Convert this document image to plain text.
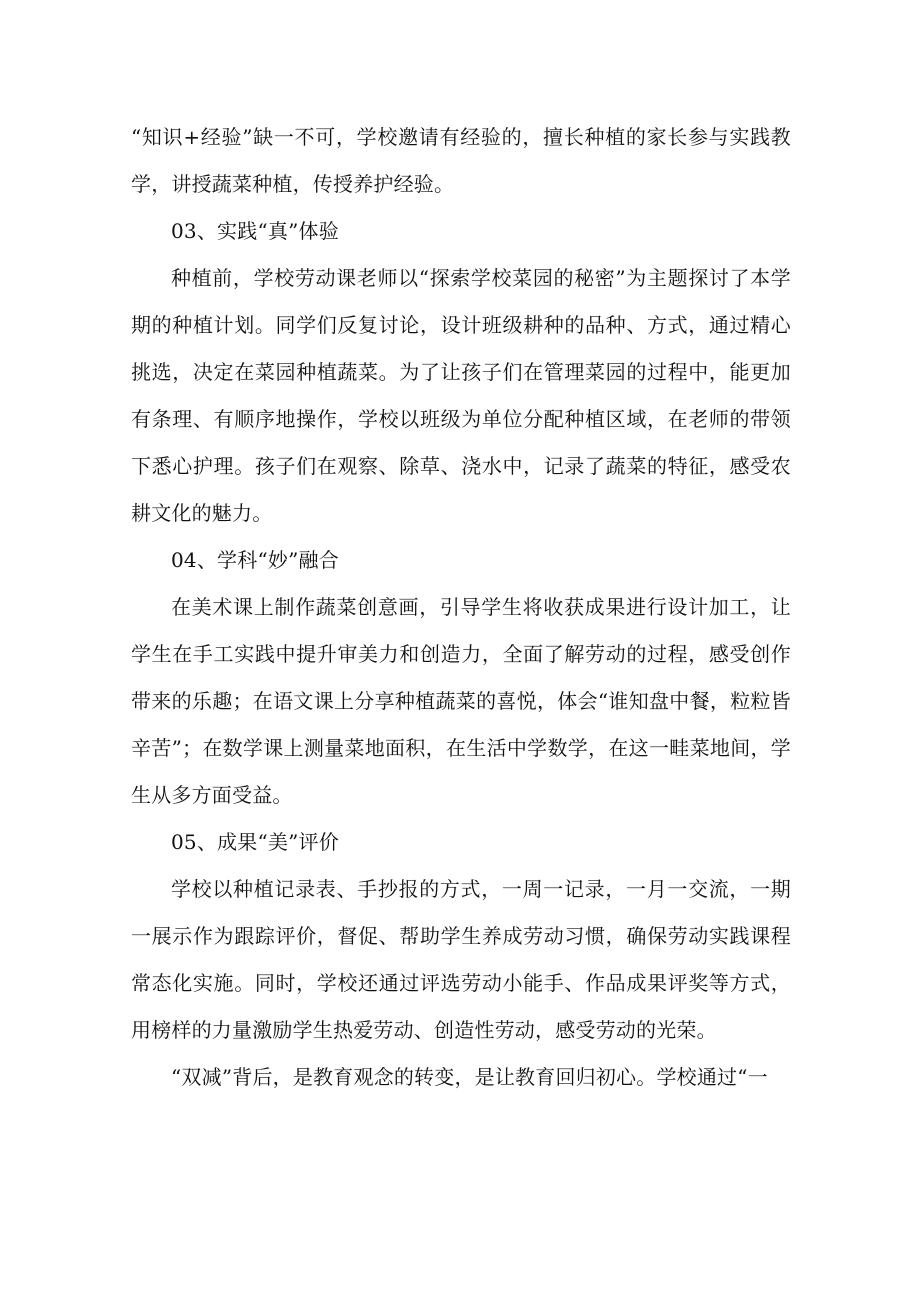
“知识+经验”缺一不可，学校邀请有经验的，擅长种植的家长参与实践教学，讲授蔬菜种植，传授养护经验。

03、实践“真”体验

种植前，学校劳动课老师以“探索学校菜园的秘密”为主题探讨了本学期的种植计划。同学们反复讨论，设计班级耕种的品种、方式，通过精心挑选，决定在菜园种植蔬菜。为了让孩子们在管理菜园的过程中，能更加有条理、有顺序地操作，学校以班级为单位分配种植区域，在老师的带领下悉心护理。孩子们在观察、除草、浇水中，记录了蔬菜的特征，感受农耕文化的魅力。

04、学科“妙”融合

在美术课上制作蔬菜创意画，引导学生将收获成果进行设计加工，让学生在手工实践中提升审美力和创造力，全面了解劳动的过程，感受创作带来的乐趣；在语文课上分享种植蔬菜的喜悦，体会“谁知盘中餐，粒粒皆辛苦”；在数学课上测量菜地面积，在生活中学数学，在这一畦菜地间，学生从多方面受益。

05、成果“美”评价

学校以种植记录表、手抄报的方式，一周一记录，一月一交流，一期一展示作为跟踪评价，督促、帮助学生养成劳动习惯，确保劳动实践课程常态化实施。同时，学校还通过评选劳动小能手、作品成果评奖等方式，用榜样的力量激励学生热爱劳动、创造性劳动，感受劳动的光荣。

“双减”背后，是教育观念的转变，是让教育回归初心。学校通过“一
